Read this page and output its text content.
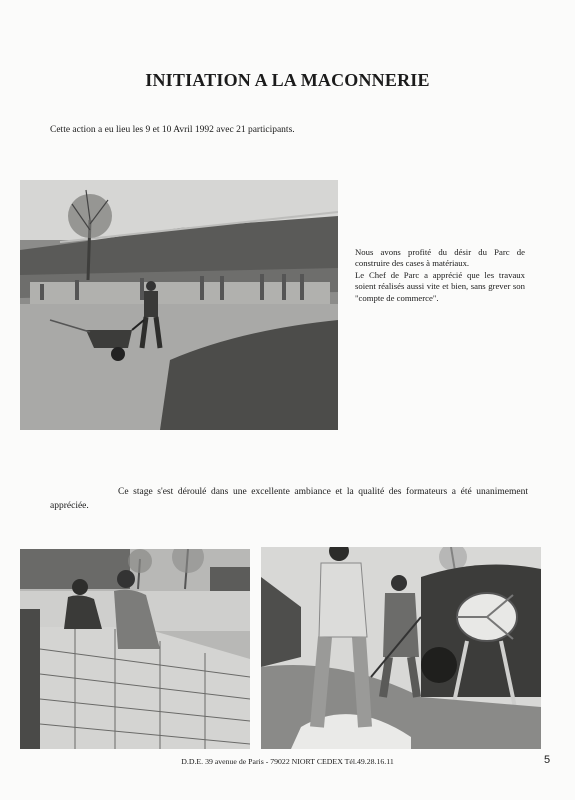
INITIATION A LA MACONNERIE
Cette action a eu lieu les 9 et 10 Avril 1992 avec 21 participants.

Nous avons profité du désir du Parc de construire des cases à matériaux.

Le Chef de Parc a apprécié que les travaux soient réalisés aussi vite et bien, sans grever son "compte de commerce".

Ce stage s'est déroulé dans une excellente ambiance et la qualité des formateurs a été unanimement appréciée.
D.D.E. 39 avenue de Paris - 79022 NIORT CEDEX Tél.49.28.16.11	5
